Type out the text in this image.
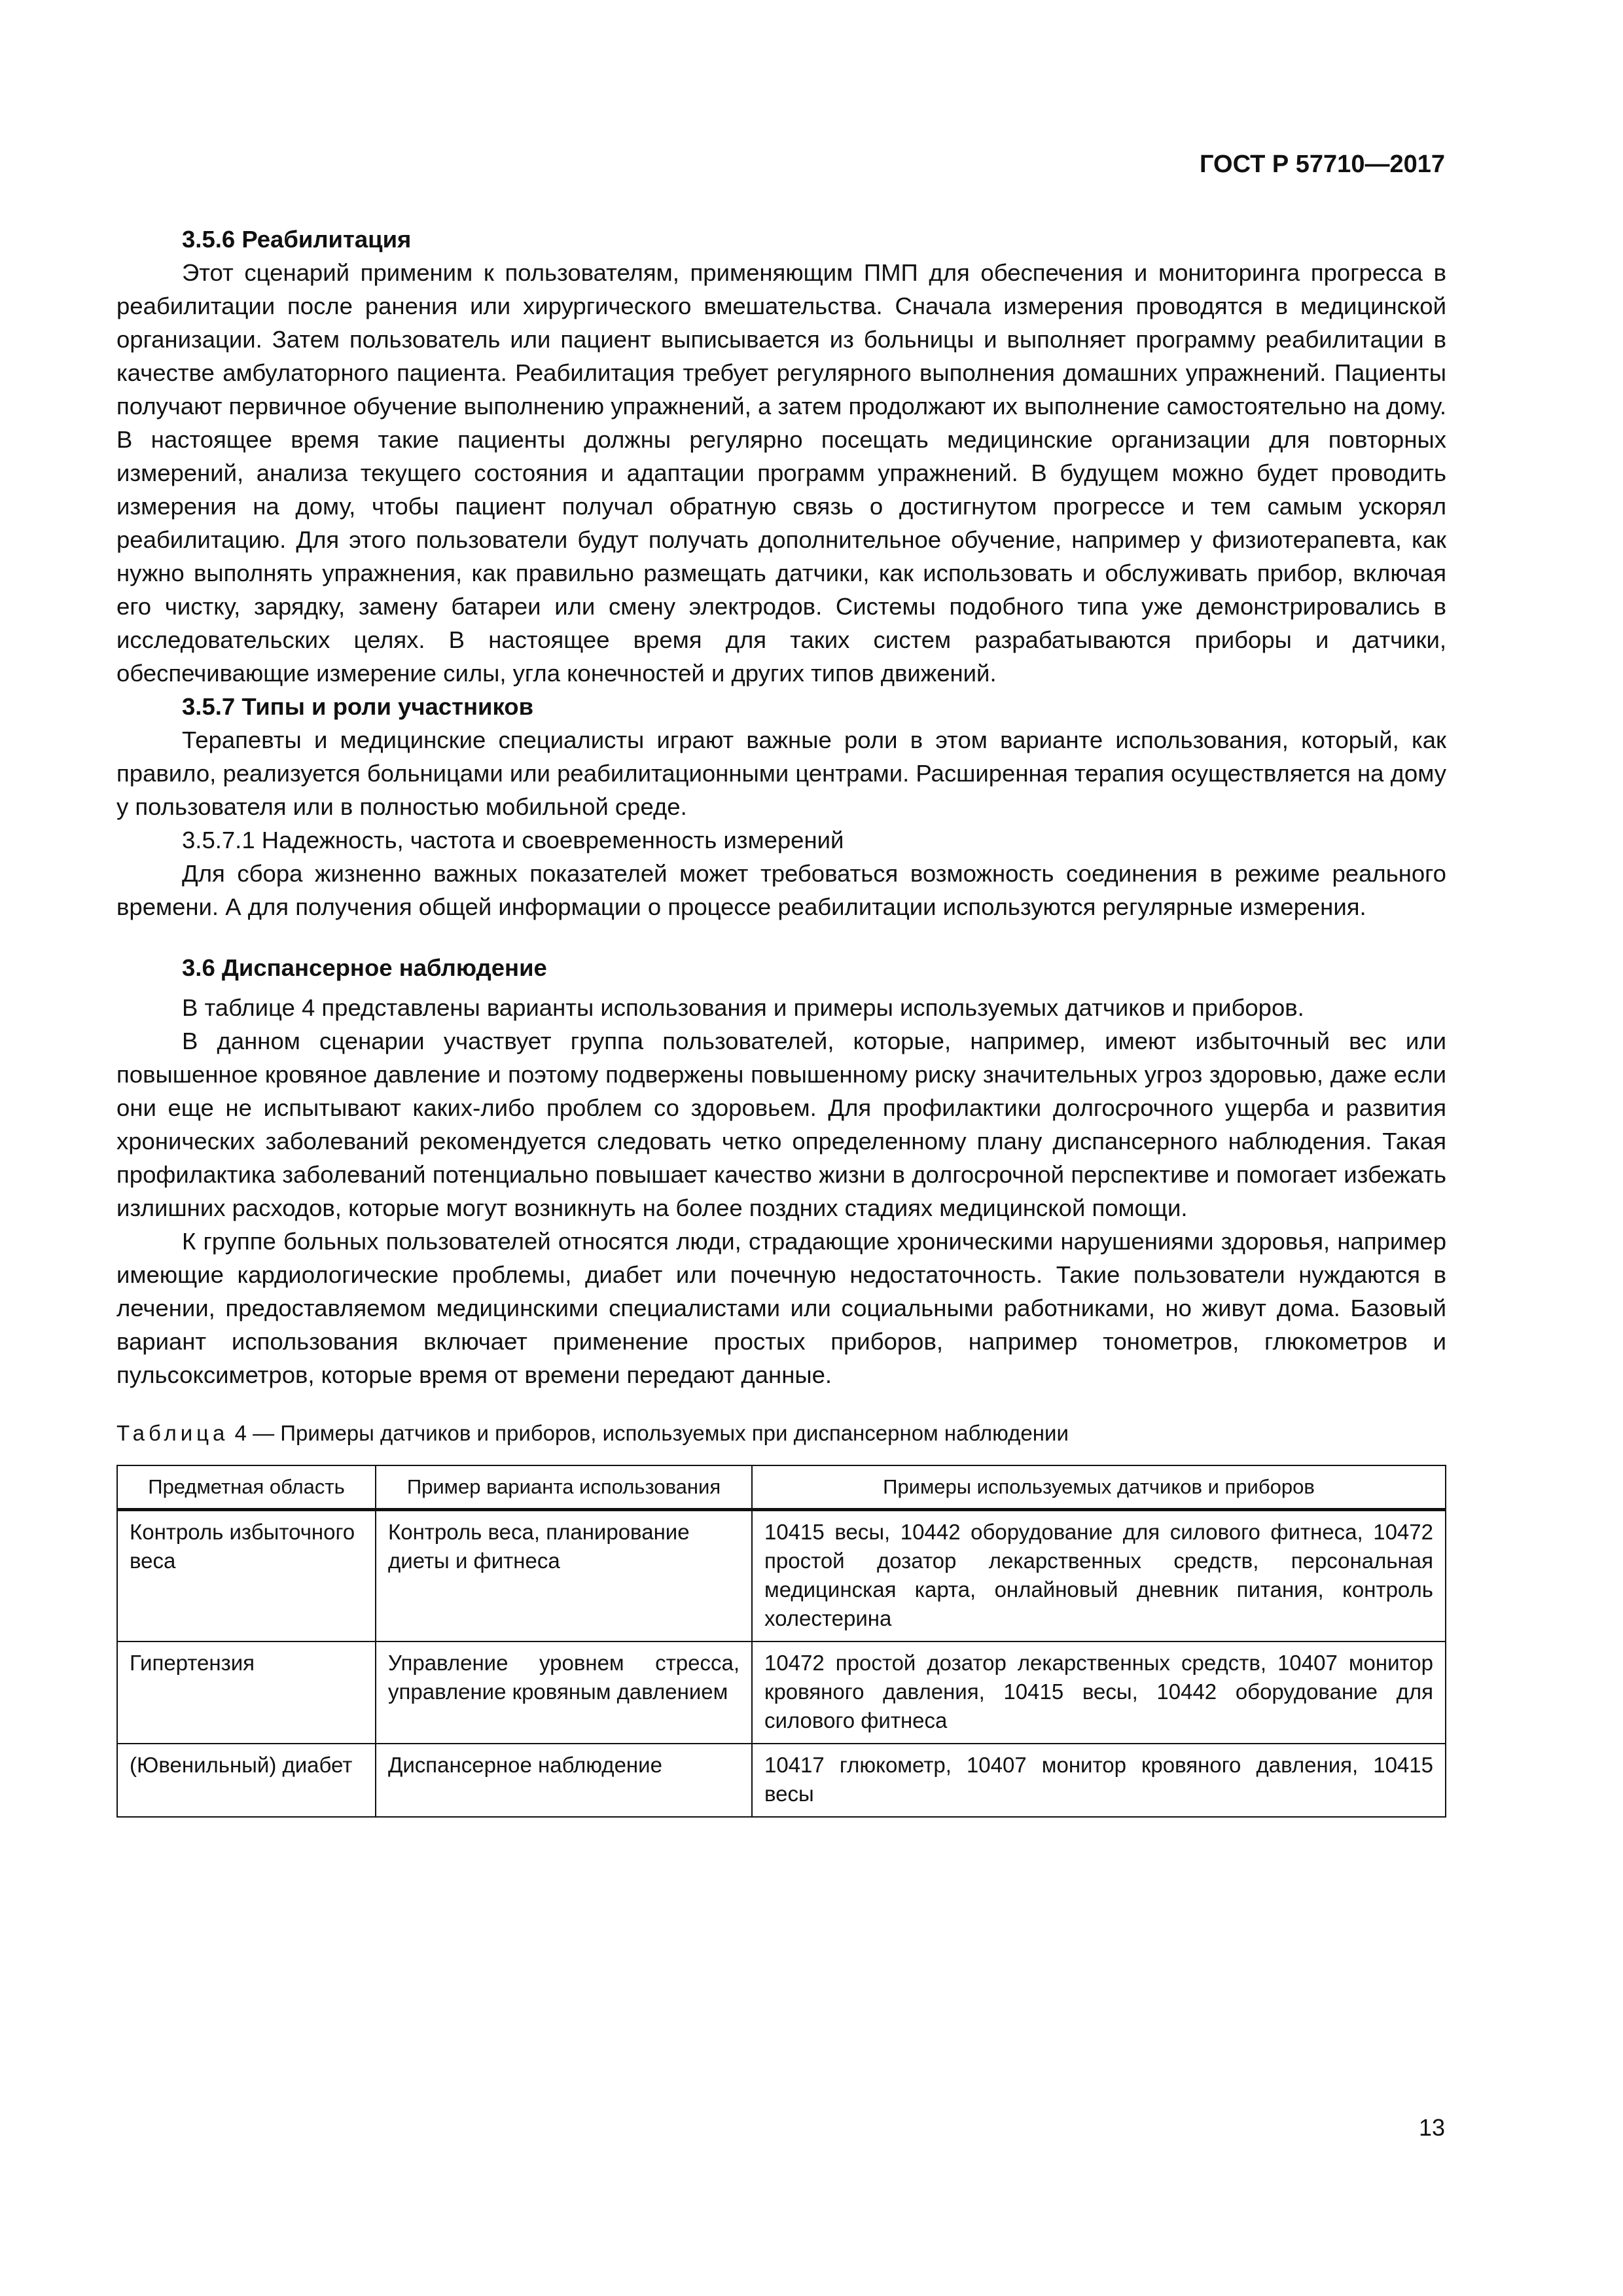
ГОСТ Р 57710—2017

3.5.6 Реабилитация

Этот сценарий применим к пользователям, применяющим ПМП для обеспечения и мониторинга прогресса в реабилитации после ранения или хирургического вмешательства. Сначала измерения проводятся в медицинской организации. Затем пользователь или пациент выписывается из больницы и выполняет программу реабилитации в качестве амбулаторного пациента. Реабилитация требует регулярного выполнения домашних упражнений. Пациенты получают первичное обучение выполнению упражнений, а затем продолжают их выполнение самостоятельно на дому. В настоящее время такие пациенты должны регулярно посещать медицинские организации для повторных измерений, анализа текущего состояния и адаптации программ упражнений. В будущем можно будет проводить измерения на дому, чтобы пациент получал обратную связь о достигнутом прогрессе и тем самым ускорял реабилитацию. Для этого пользователи будут получать дополнительное обучение, например у физиотерапевта, как нужно выполнять упражнения, как правильно размещать датчики, как использовать и обслуживать прибор, включая его чистку, зарядку, замену батареи или смену электродов. Системы подобного типа уже демонстрировались в исследовательских целях. В настоящее время для таких систем разрабатываются приборы и датчики, обеспечивающие измерение силы, угла конечностей и других типов движений.

3.5.7 Типы и роли участников

Терапевты и медицинские специалисты играют важные роли в этом варианте использования, который, как правило, реализуется больницами или реабилитационными центрами. Расширенная терапия осуществляется на дому у пользователя или в полностью мобильной среде.

3.5.7.1 Надежность, частота и своевременность измерений

Для сбора жизненно важных показателей может требоваться возможность соединения в режиме реального времени. А для получения общей информации о процессе реабилитации используются регулярные измерения.

3.6 Диспансерное наблюдение

В таблице 4 представлены варианты использования и примеры используемых датчиков и приборов.

В данном сценарии участвует группа пользователей, которые, например, имеют избыточный вес или повышенное кровяное давление и поэтому подвержены повышенному риску значительных угроз здоровью, даже если они еще не испытывают каких-либо проблем со здоровьем. Для профилактики долгосрочного ущерба и развития хронических заболеваний рекомендуется следовать четко определенному плану диспансерного наблюдения. Такая профилактика заболеваний потенциально повышает качество жизни в долгосрочной перспективе и помогает избежать излишних расходов, которые могут возникнуть на более поздних стадиях медицинской помощи.

К группе больных пользователей относятся люди, страдающие хроническими нарушениями здоровья, например имеющие кардиологические проблемы, диабет или почечную недостаточность. Такие пользователи нуждаются в лечении, предоставляемом медицинскими специалистами или социальными работниками, но живут дома. Базовый вариант использования включает применение простых приборов, например тонометров, глюкометров и пульсоксиметров, которые время от времени передают данные.

Таблица 4 — Примеры датчиков и приборов, используемых при диспансерном наблюдении
Предметная область	Пример варианта использования	Примеры используемых датчиков и приборов
Контроль избыточного веса	Контроль веса, планирование диеты и фитнеса	10415 весы, 10442 оборудование для силового фитнеса, 10472 простой дозатор лекарственных средств, персональная медицинская карта, онлайновый дневник питания, контроль холестерина
Гипертензия	Управление уровнем стресса, управление кровяным давлением	10472 простой дозатор лекарственных средств, 10407 монитор кровяного давления, 10415 весы, 10442 оборудование для силового фитнеса
(Ювенильный) диабет	Диспансерное наблюдение	10417 глюкометр, 10407 монитор кровяного давления, 10415 весы
13
